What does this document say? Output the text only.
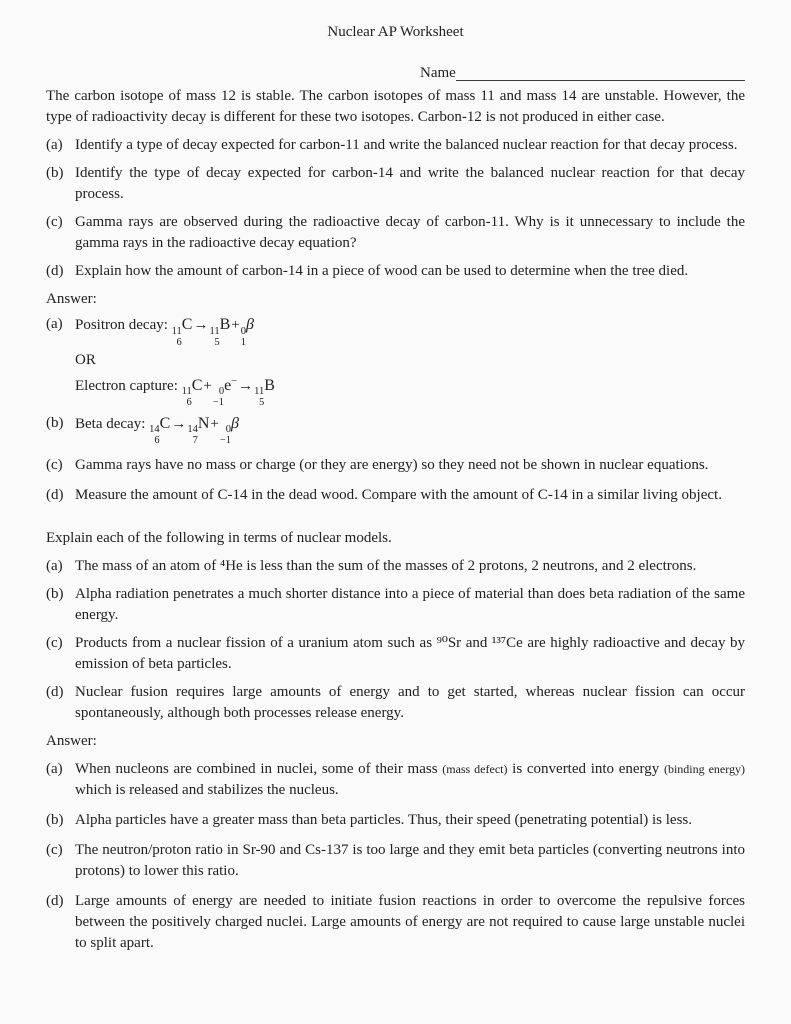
Nuclear AP Worksheet
Name

The carbon isotope of mass 12 is stable. The carbon isotopes of mass 11 and mass 14 are unstable. However, the type of radioactivity decay is different for these two isotopes. Carbon-12 is not produced in either case.

(a) Identify a type of decay expected for carbon-11 and write the balanced nuclear reaction for that decay process.
(b) Identify the type of decay expected for carbon-14 and write the balanced nuclear reaction for that decay process.
(c) Gamma rays are observed during the radioactive decay of carbon-11. Why is it unnecessary to include the gamma rays in the radioactive decay equation?
(d) Explain how the amount of carbon-14 in a piece of wood can be used to determine when the tree died.
Answer:
(a) Positron decay: 11
6
C→ 11
5
B+ 0
1
β
OR
Electron capture: 11
6
C+ 0
−1
e−→ 11
5
B
(b) Beta decay: 14
6
C→ 14
7
N+ 0
−1
β
(c) Gamma rays have no mass or charge (or they are energy) so they need not be shown in nuclear equations.
(d) Measure the amount of C-14 in the dead wood. Compare with the amount of C-14 in a similar living object.

Explain each of the following in terms of nuclear models.

(a) The mass of an atom of ⁴He is less than the sum of the masses of 2 protons, 2 neutrons, and 2 electrons.
(b) Alpha radiation penetrates a much shorter distance into a piece of material than does beta radiation of the same energy.
(c) Products from a nuclear fission of a uranium atom such as ⁹⁰Sr and ¹³⁷Ce are highly radioactive and decay by emission of beta particles.
(d) Nuclear fusion requires large amounts of energy and to get started, whereas nuclear fission can occur spontaneously, although both processes release energy.
Answer:
(a) When nucleons are combined in nuclei, some of their mass (mass defect) is converted into energy (binding energy) which is released and stabilizes the nucleus.
(b) Alpha particles have a greater mass than beta particles. Thus, their speed (penetrating potential) is less.
(c) The neutron/proton ratio in Sr-90 and Cs-137 is too large and they emit beta particles (converting neutrons into protons) to lower this ratio.
(d) Large amounts of energy are needed to initiate fusion reactions in order to overcome the repulsive forces between the positively charged nuclei. Large amounts of energy are not required to cause large unstable nuclei to split apart.
